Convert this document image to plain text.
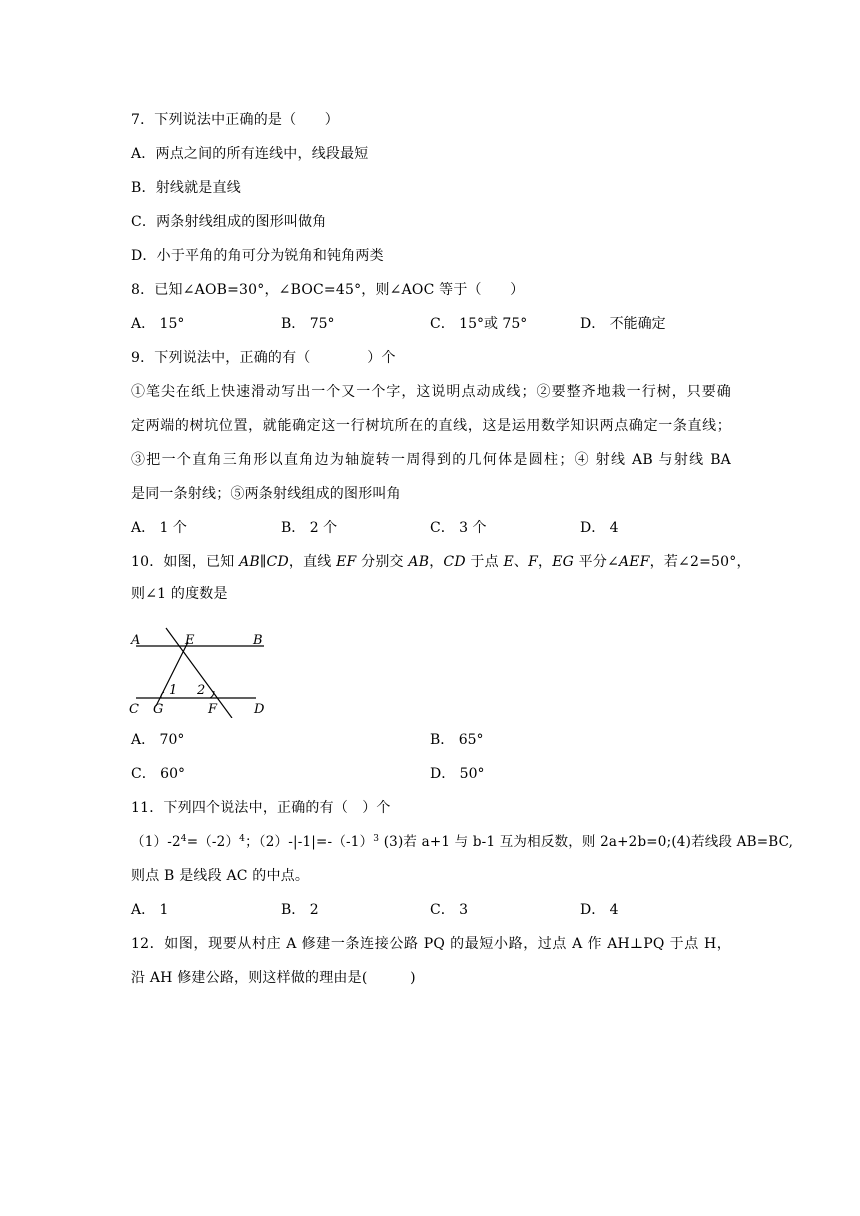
7．下列说法中正确的是（　　）
A．两点之间的所有连线中，线段最短
B．射线就是直线
C．两条射线组成的图形叫做角
D．小于平角的角可分为锐角和钝角两类
8．已知∠AOB=30°，∠BOC=45°，则∠AOC 等于（　　）
A． 15°	B． 75°	C． 15°或 75°	D． 不能确定
9．下列说法中，正确的有（　　　　）个
①笔尖在纸上快速滑动写出一个又一个字，这说明点动成线；②要整齐地栽一行树，只要确
定两端的树坑位置，就能确定这一行树坑所在的直线，这是运用数学知识两点确定一条直线；
③把一个直角三角形以直角边为轴旋转一周得到的几何体是圆柱；④ 射线 AB 与射线 BA
是同一条射线；⑤两条射线组成的图形叫角
A． 1 个	B． 2 个	C． 3 个	D． 4
10．如图，已知 AB∥CD，直线 EF 分别交 AB，CD 于点 E、F，EG 平分∠AEF，若∠2=50°，
则∠1 的度数是
A	E	B
C G	F	D
1 2
A． 70°	B． 65°
C． 60°	D． 50°
11．下列四个说法中，正确的有（　）个
$(1)-2^4=(-2)^4$；$(2)-|-1|=-(-1)^3$ (3)若 a+1 与 b-1 互为相反数，则 2a+2b=0;(4)若线段 AB=BC,
则点 B 是线段 AC 的中点。
A． 1	B． 2	C． 3	D． 4
12．如图，现要从村庄 A 修建一条连接公路 PQ 的最短小路，过点 A 作 AH⊥PQ 于点 H，
沿 AH 修建公路，则这样做的理由是(　　　)
